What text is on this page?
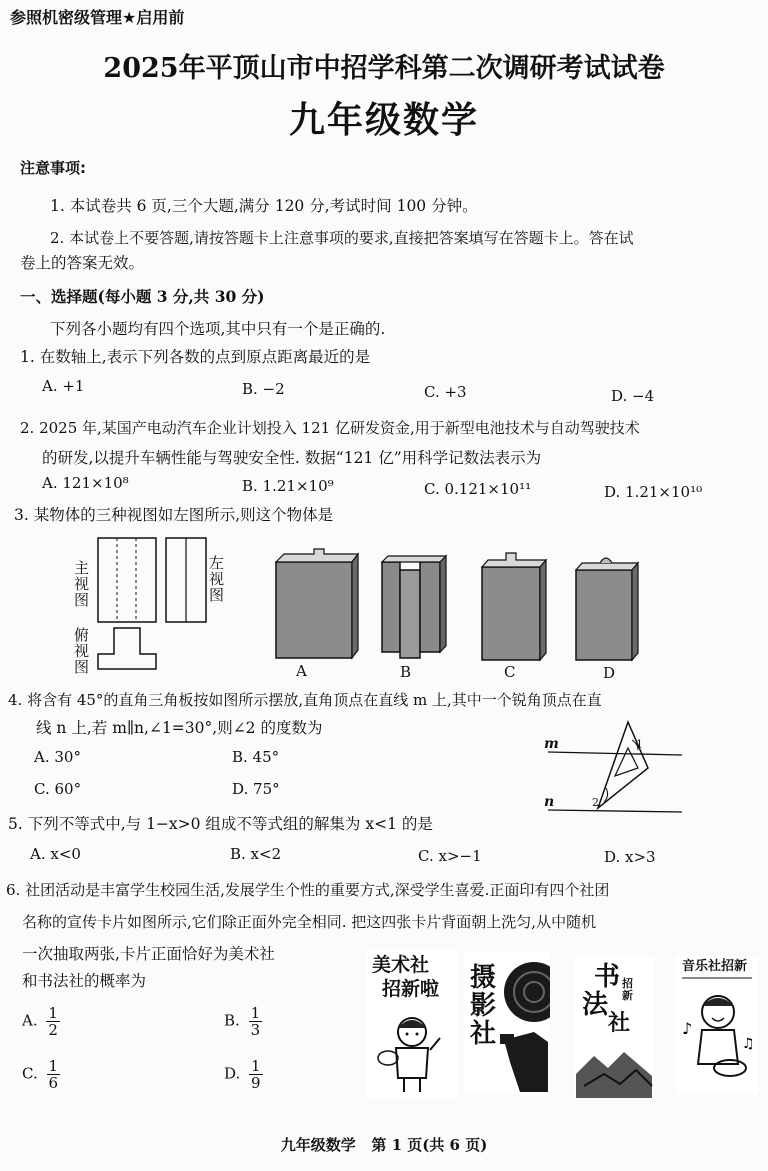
参照机密级管理★启用前
2025年平顶山市中招学科第二次调研考试试卷
九年级数学
注意事项:
1. 本试卷共 6 页,三个大题,满分 120 分,考试时间 100 分钟。
2. 本试卷上不要答题,请按答题卡上注意事项的要求,直接把答案填写在答题卡上。答在试
卷上的答案无效。
一、选择题(每小题 3 分,共 30 分)
下列各小题均有四个选项,其中只有一个是正确的.
1. 在数轴上,表示下列各数的点到原点距离最近的是
A. +1	B. −2	C. +3	D. −4
2. 2025 年,某国产电动汽车企业计划投入 121 亿研发资金,用于新型电池技术与自动驾驶技术
的研发,以提升车辆性能与驾驶安全性. 数据“121 亿”用科学记数法表示为
A. 121×10⁸	B. 1.21×10⁹	C. 0.121×10¹¹	D. 1.21×10¹⁰
3. 某物体的三种视图如左图所示,则这个物体是
主视图
左视图
俯视图	A	B	C	D
4. 将含有 45°的直角三角板按如图所示摆放,直角顶点在直线 m 上,其中一个锐角顶点在直
线 n 上,若 m∥n,∠1=30°,则∠2 的度数为
A. 30°	B. 45°
C. 60°	D. 75°
m
n
1
2
5. 下列不等式中,与 1−x>0 组成不等式组的解集为 x<1 的是
A. x<0	B. x<2	C. x>−1	D. x>3
6. 社团活动是丰富学生校园生活,发展学生个性的重要方式,深受学生喜爱.正面印有四个社团
名称的宣传卡片如图所示,它们除正面外完全相同. 把这四张卡片背面朝上洗匀,从中随机
一次抽取两张,卡片正面恰好为美术社
和书法社的概率为
A. $\frac{1}{2}$	B. $\frac{1}{3}$
C. $\frac{1}{6}$	D. $\frac{1}{9}$
美术社
招新啦 摄
影
社
书
法
社
招新
音乐社招新
♪
♫
九年级数学   第 1 页(共 6 页)
